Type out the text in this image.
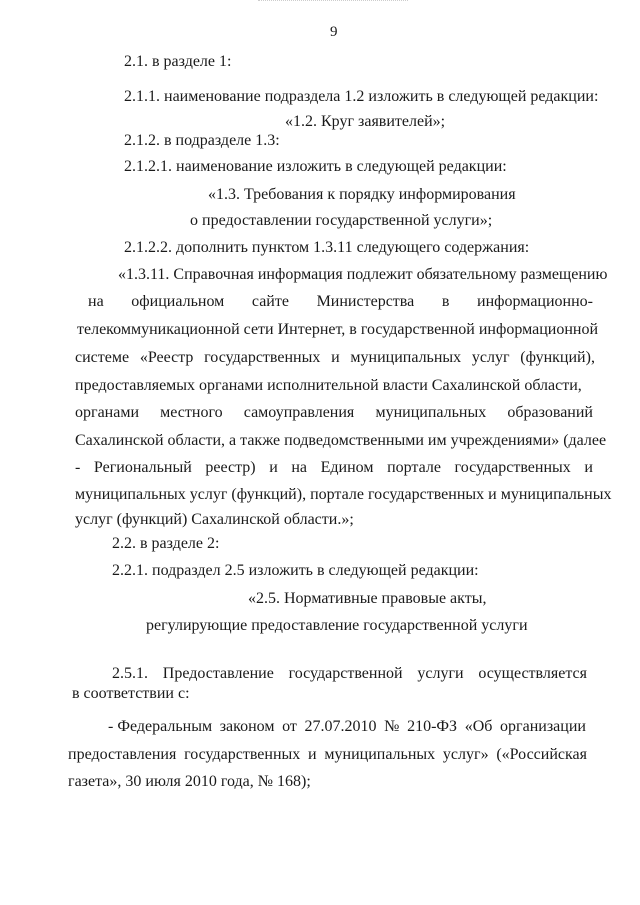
9
2.1. в разделе 1:
2.1.1. наименование подраздела 1.2 изложить в следующей редакции:
«1.2. Круг заявителей»;
2.1.2. в подразделе 1.3:
2.1.2.1. наименование изложить в следующей редакции:
«1.3. Требования к порядку информирования
о предоставлении государственной услуги»;
2.1.2.2. дополнить пунктом 1.3.11 следующего содержания:
«1.3.11. Справочная информация подлежит обязательному размещению
на официальном сайте Министерства в информационно-
телекоммуникационной сети Интернет, в государственной информационной
системе «Реестр государственных и муниципальных услуг (функций),
предоставляемых органами исполнительной власти Сахалинской области,
органами местного самоуправления муниципальных образований
Сахалинской области, а также подведомственными им учреждениями» (далее
- Региональный реестр) и на Едином портале государственных и
муниципальных услуг (функций), портале государственных и муниципальных
услуг (функций) Сахалинской области.»;
2.2. в разделе 2:
2.2.1. подраздел 2.5 изложить в следующей редакции:
«2.5. Нормативные правовые акты,
регулирующие предоставление государственной услуги
2.5.1. Предоставление государственной услуги осуществляется
в соответствии с:
- Федеральным законом от 27.07.2010 № 210-ФЗ «Об организации
предоставления государственных и муниципальных услуг» («Российская
газета», 30 июля 2010 года, № 168);
